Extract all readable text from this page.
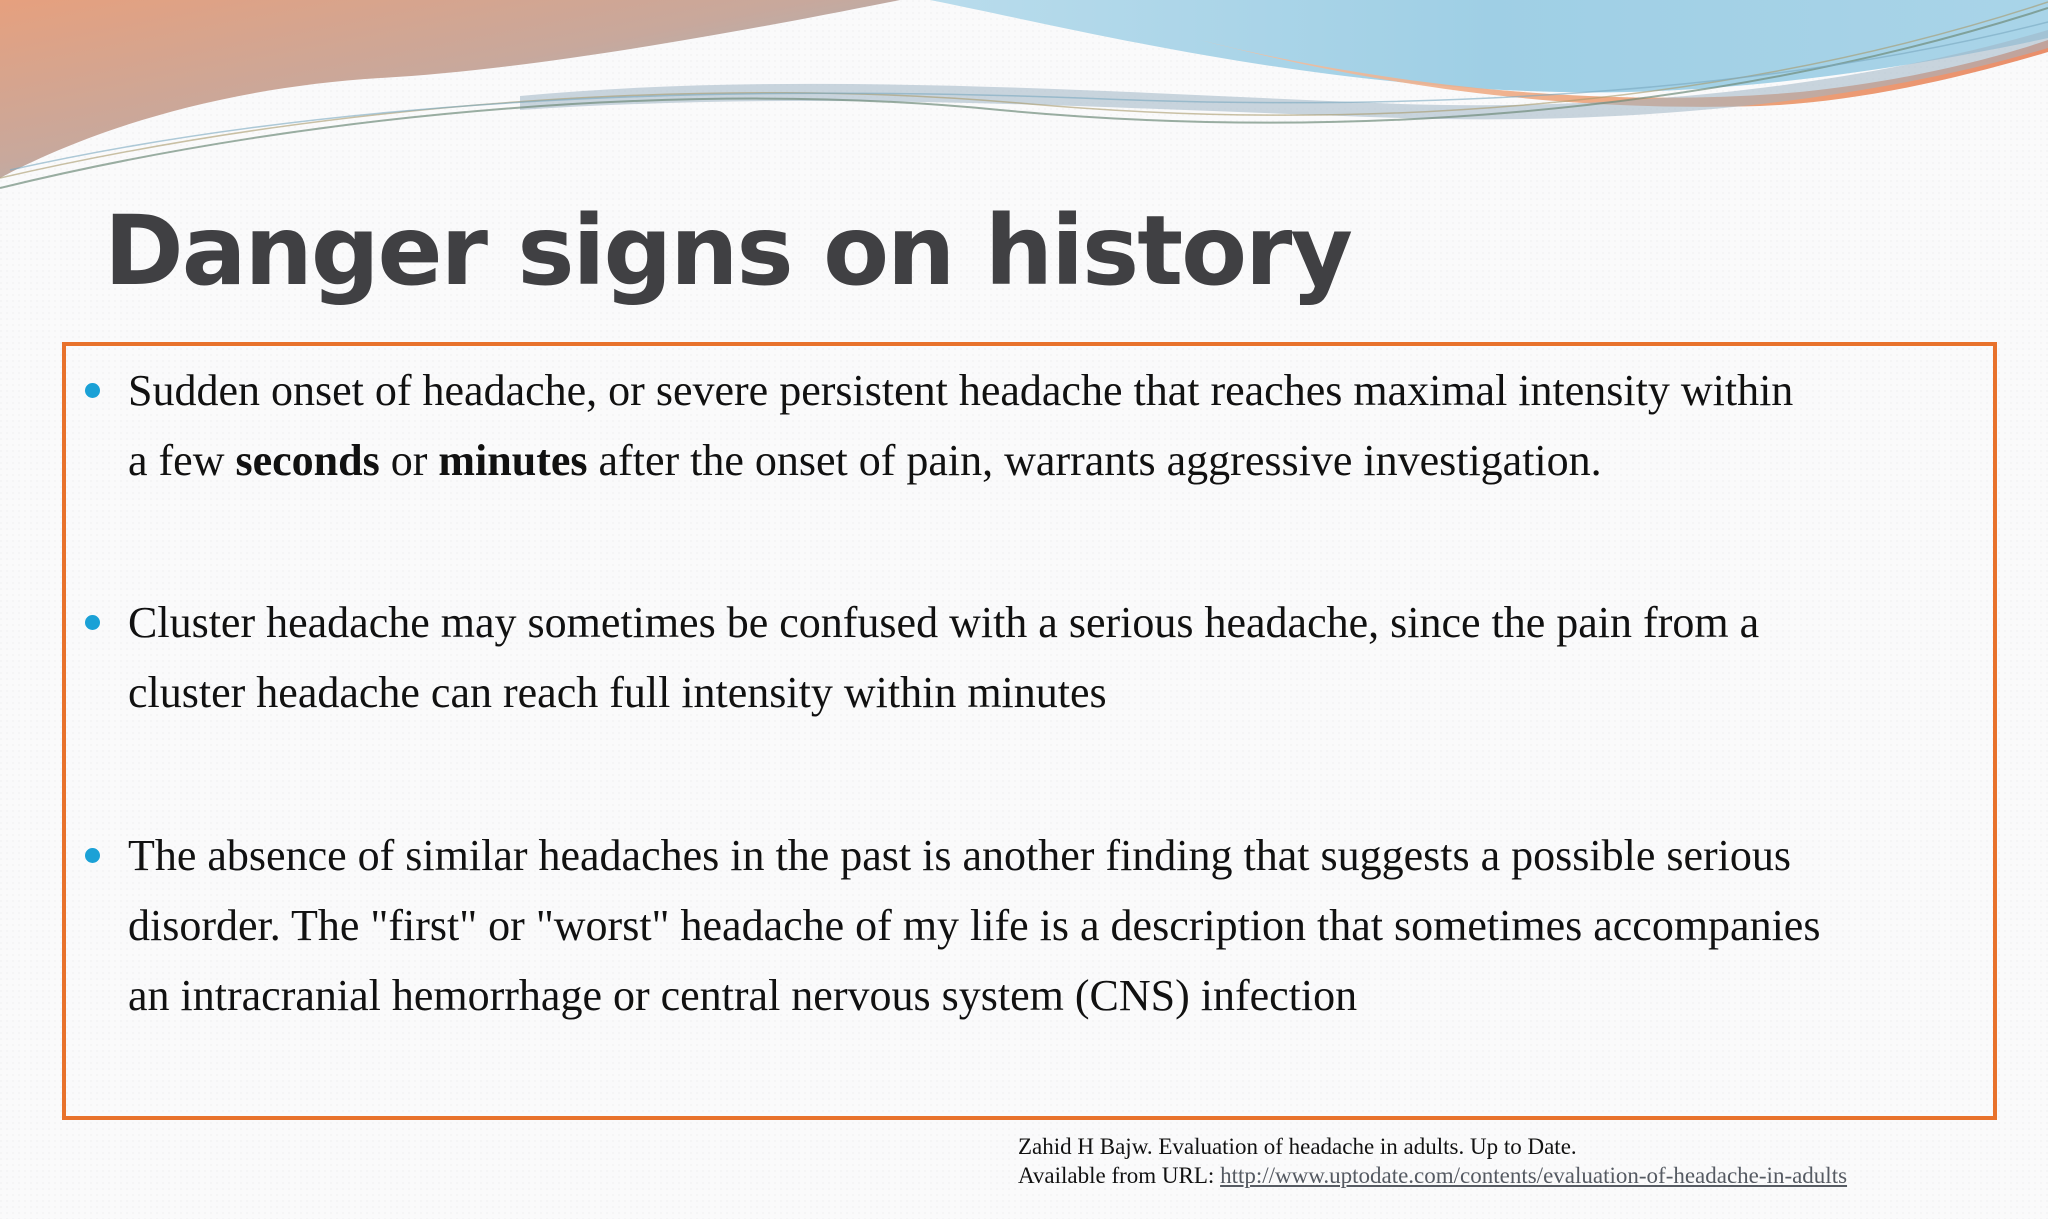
Danger signs on history

Sudden onset of headache, or severe persistent headache that reaches maximal intensity within

a few seconds or minutes after the onset of pain, warrants aggressive investigation.

Cluster headache may sometimes be confused with a serious headache, since the pain from a

cluster headache can reach full intensity within minutes

The absence of similar headaches in the past is another finding that suggests a possible serious

disorder. The "first" or "worst" headache of my life is a description that sometimes accompanies

an intracranial hemorrhage or central nervous system (CNS) infection

Zahid H Bajw. Evaluation of headache in adults. Up to Date.
Available from URL: http://www.uptodate.com/contents/evaluation-of-headache-in-adults
